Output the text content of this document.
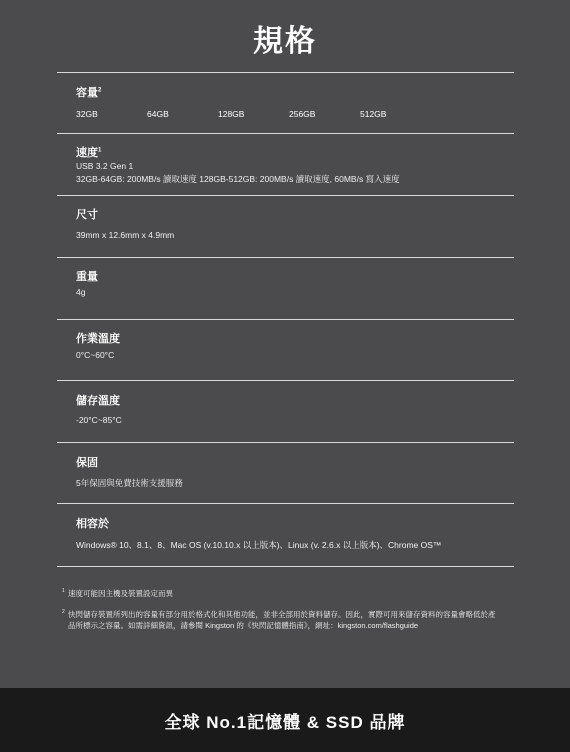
規格
容量$^2$
32GB	64GB	128GB	256GB	512GB
速度$^1$
USB 3.2 Gen 1
32GB-64GB: 200MB/s 讀取速度 128GB-512GB: 200MB/s 讀取速度, 60MB/s 寫入速度
尺寸
39mm x 12.6mm x 4.9mm
重量
4g
作業溫度
0°C~60°C
儲存溫度
-20°C~85°C
保固
5年保固與免費技術支援服務
相容於
Windows® 10、8.1、8、Mac OS (v.10.10.x 以上版本)、Linux (v. 2.6.x 以上版本)、Chrome OS™
1 速度可能因主機及裝置設定而異
2 快閃儲存裝置所列出的容量有部分用於格式化和其他功能，並非全部用於資料儲存。因此，實際可用來儲存資料的容量會略低於產品所標示之容量。如需詳細資訊，請參閱 Kingston 的《快閃記憶體指南》，網址：kingston.com/flashguide
全球 No.1記憶體 & SSD 品牌
